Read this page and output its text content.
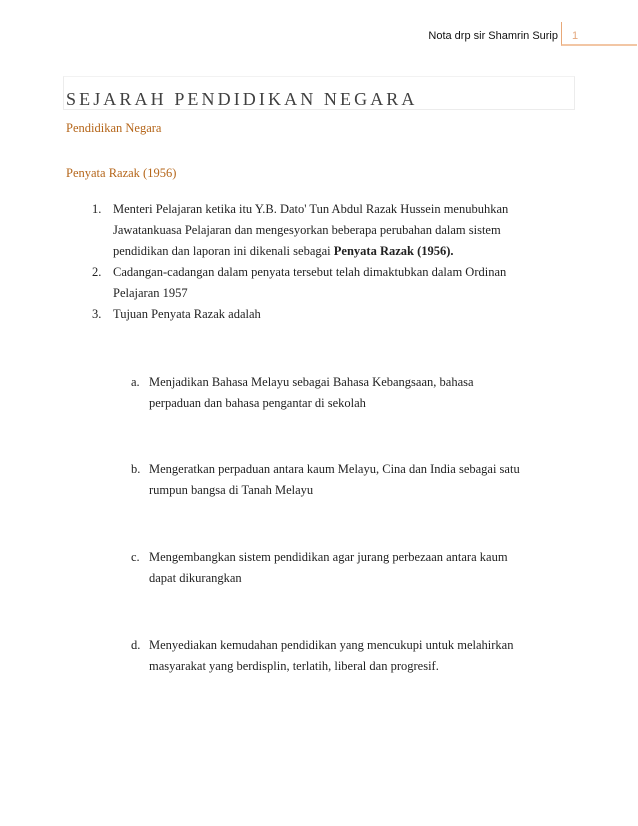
Nota drp sir Shamrin Surip 1
SEJARAH PENDIDIKAN NEGARA
Pendidikan Negara
Penyata Razak (1956)
1. Menteri Pelajaran ketika itu Y.B. Dato' Tun Abdul Razak Hussein menubuhkan
Jawatankuasa Pelajaran dan mengesyorkan beberapa perubahan dalam sistem
pendidikan dan laporan ini dikenali sebagai Penyata Razak (1956).
2. Cadangan-cadangan dalam penyata tersebut telah dimaktubkan dalam Ordinan
Pelajaran 1957
3. Tujuan Penyata Razak adalah
a. Menjadikan Bahasa Melayu sebagai Bahasa Kebangsaan, bahasa
perpaduan dan bahasa pengantar di sekolah
b. Mengeratkan perpaduan antara kaum Melayu, Cina dan India sebagai satu
rumpun bangsa di Tanah Melayu
c. Mengembangkan sistem pendidikan agar jurang perbezaan antara kaum
dapat dikurangkan
d. Menyediakan kemudahan pendidikan yang mencukupi untuk melahirkan
masyarakat yang berdisplin, terlatih, liberal dan progresif.
